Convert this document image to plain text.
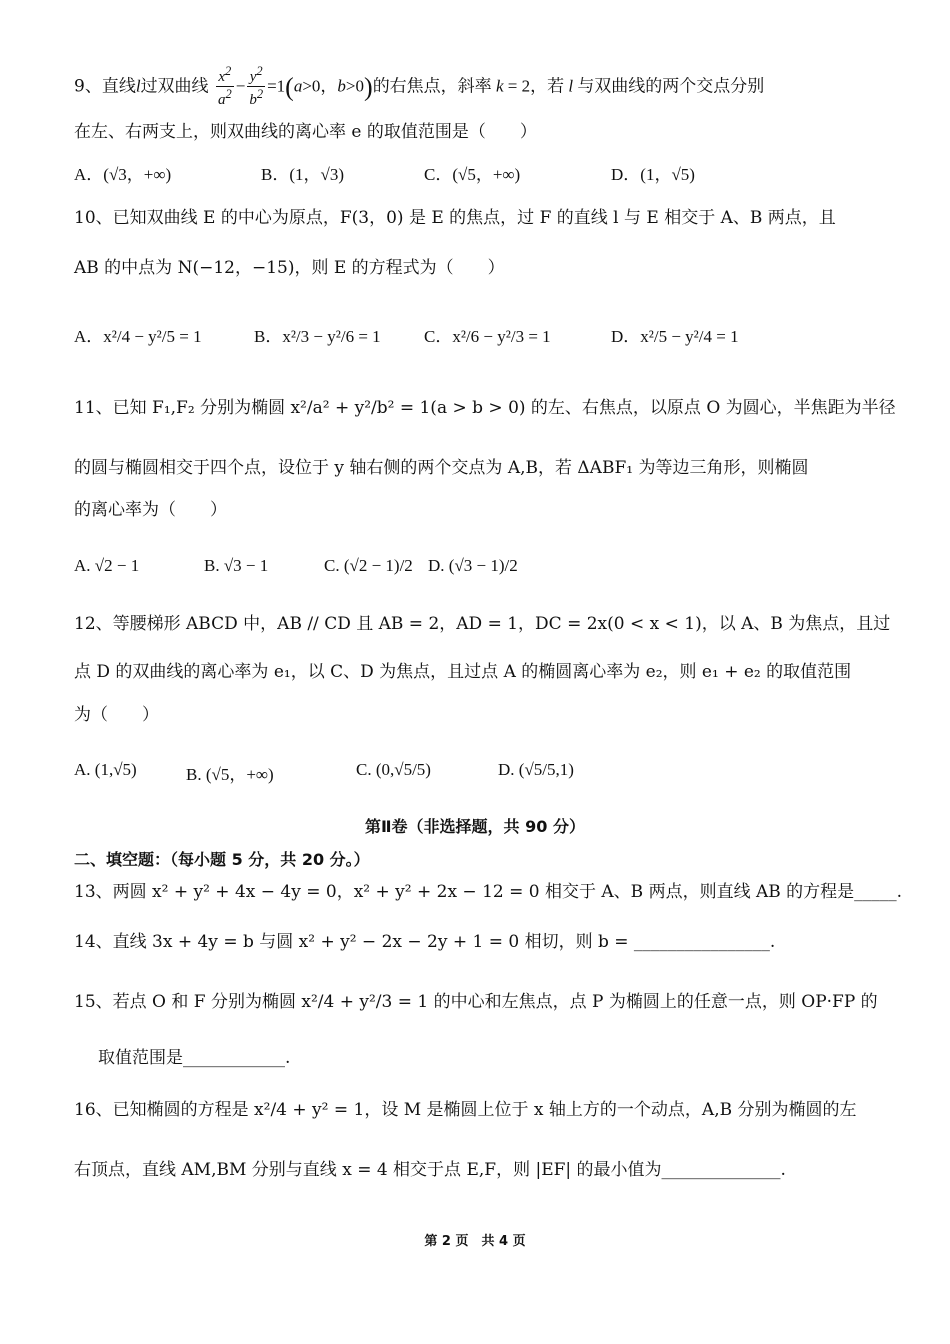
9、直线l过双曲线 $\frac{x^2}{a^2} - \frac{y^2}{b^2} =1(a>0$，b>0)的右焦点，斜率 k = 2，若 l 与双曲线的两个交点分别
在左、右两支上，则双曲线的离心率 e 的取值范围是（　　）
A．(√3，+∞)	B．(1，√3)	C．(√5，+∞)	D．(1，√5)
10、已知双曲线 E 的中心为原点，F(3，0) 是 E 的焦点，过 F 的直线 l 与 E 相交于 A、B 两点，且
AB 的中点为 N(−12，−15)，则 E 的方程式为（　　）
A．x²/4 − y²/5 = 1	B．x²/3 − y²/6 = 1	C．x²/6 − y²/3 = 1	D．x²/5 − y²/4 = 1
11、已知 F₁,F₂ 分别为椭圆 x²/a² + y²/b² = 1(a > b > 0) 的左、右焦点，以原点 O 为圆心，半焦距为半径
的圆与椭圆相交于四个点，设位于 y 轴右侧的两个交点为 A,B，若 ΔABF₁ 为等边三角形，则椭圆
的离心率为（　　）
A. √2 − 1	B. √3 − 1	C. (√2 − 1)/2 D. (√3 − 1)/2
12、等腰梯形 ABCD 中，AB // CD 且 AB = 2，AD = 1，DC = 2x(0 < x < 1)，以 A、B 为焦点，且过
点 D 的双曲线的离心率为 e₁，以 C、D 为焦点，且过点 A 的椭圆离心率为 e₂，则 e₁ + e₂ 的取值范围
为（　　）
A. (1,√5)	B. (√5，+∞)	C. (0,√5/5)	D. (√5/5,1)
第Ⅱ卷（非选择题，共 90 分）
二、填空题：（每小题 5 分，共 20 分。）
13、两圆 x² + y² + 4x − 4y = 0，x² + y² + 2x − 12 = 0 相交于 A、B 两点，则直线 AB 的方程是_____.
14、直线 3x + 4y = b 与圆 x² + y² − 2x − 2y + 1 = 0 相切，则 b = ________________.
15、若点 O 和 F 分别为椭圆 x²/4 + y²/3 = 1 的中心和左焦点，点 P 为椭圆上的任意一点，则 OP·FP 的
取值范围是____________.
16、已知椭圆的方程是 x²/4 + y² = 1，设 M 是椭圆上位于 x 轴上方的一个动点，A,B 分别为椭圆的左
右顶点，直线 AM,BM 分别与直线 x = 4 相交于点 E,F，则 |EF| 的最小值为______________.
第 2 页　共 4 页
